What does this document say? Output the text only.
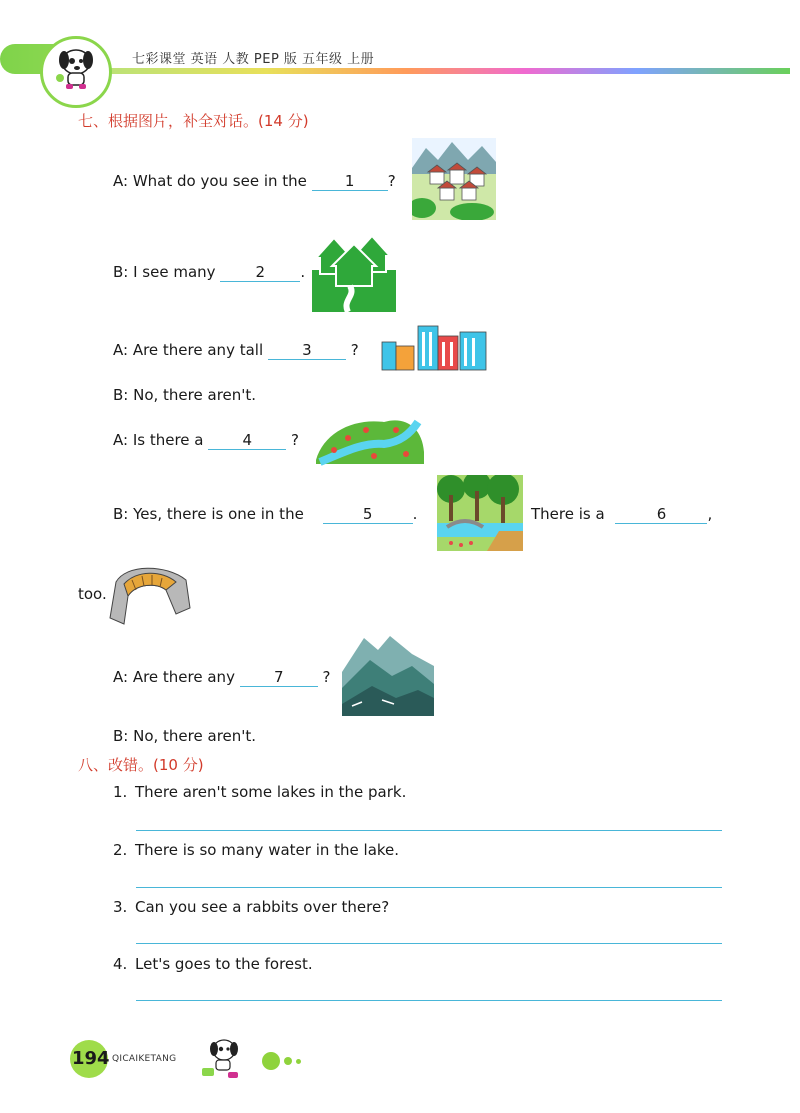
七彩课堂 英语 人教 PEP 版 五年级 上册
七、根据图片，补全对话。(14 分)
A: What do you see in the	1 ?
B: I see many	2 .
A: Are there any tall	3	?
B: No, there aren't.
A: Is there a	4	?
B: Yes, there is one in the	5	.	There is a	6	,
too.
A: Are there any	7	?
B: No, there aren't.
八、改错。(10 分)
1. There aren't some lakes in the park.
2. There is so many water in the lake.
3. Can you see a rabbits over there?
4. Let's goes to the forest.
194 QICAIKETANG
